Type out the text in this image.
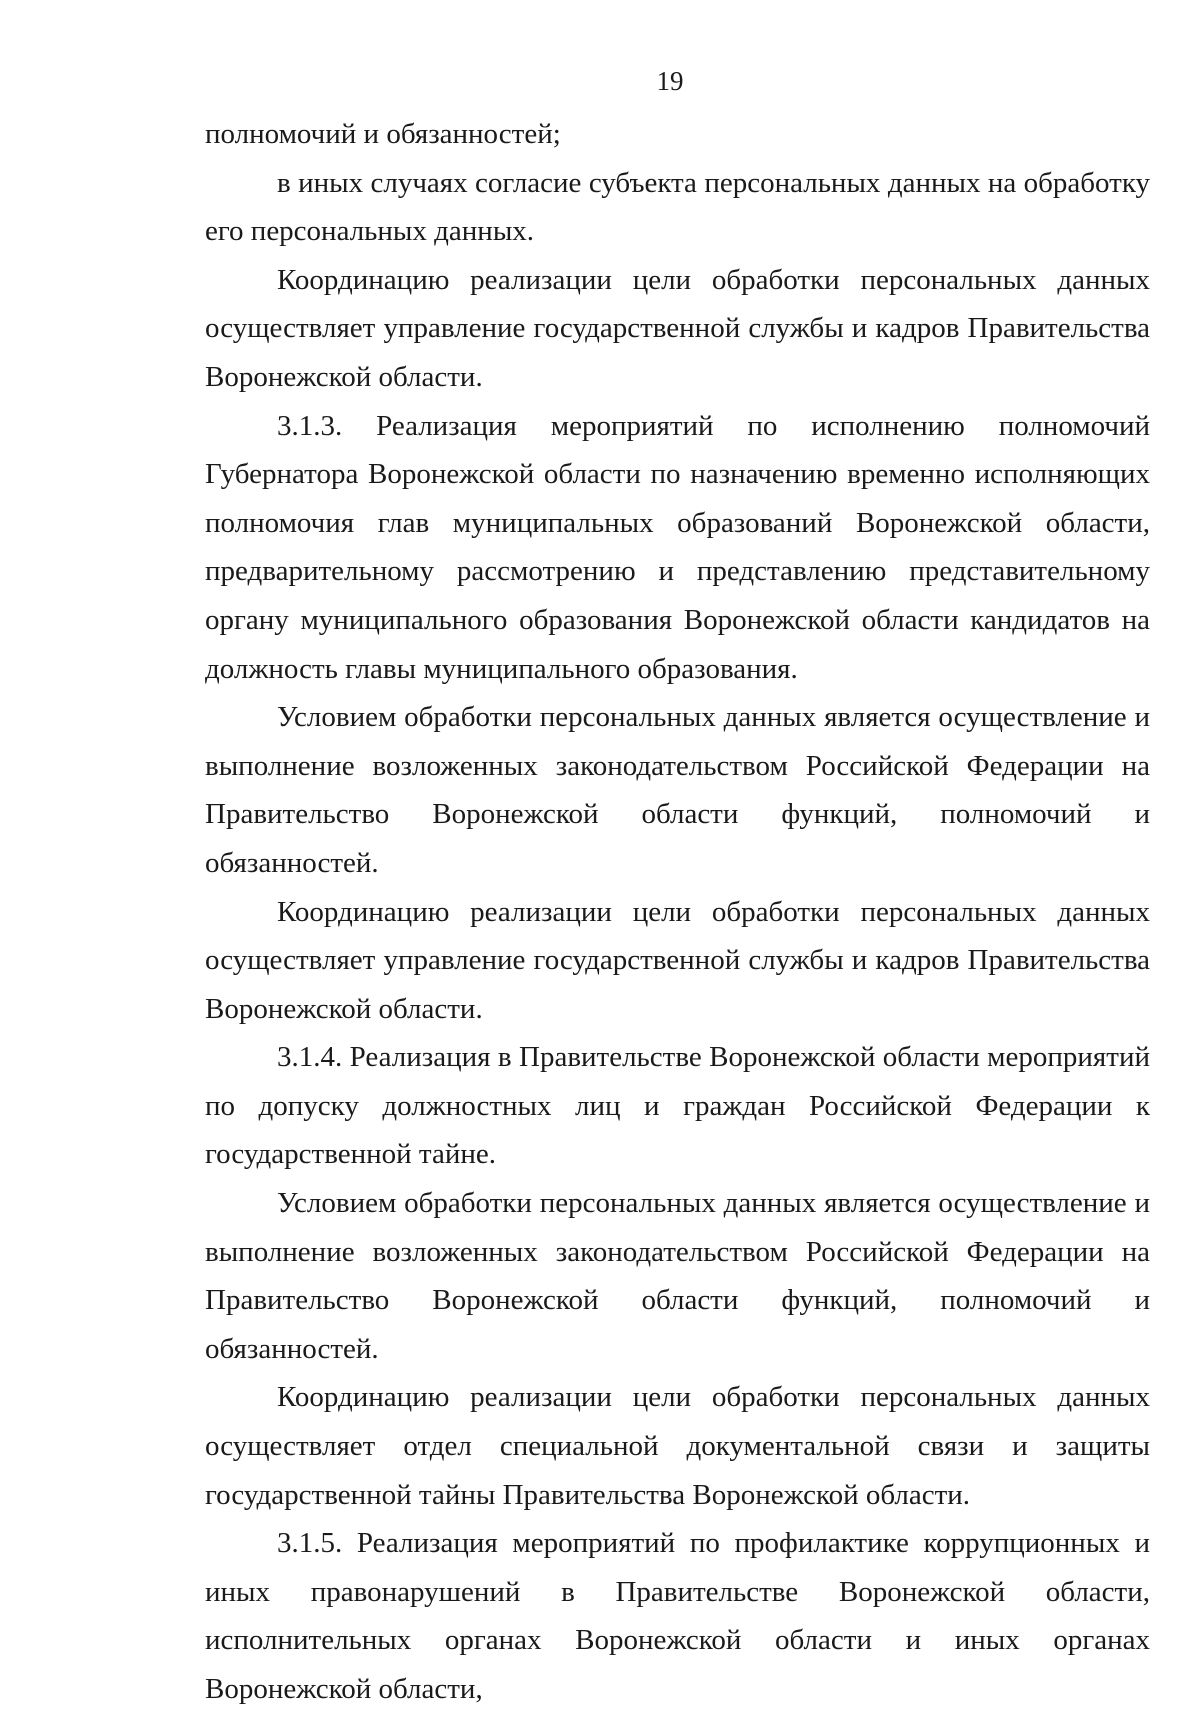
19

полномочий и обязанностей;

в иных случаях согласие субъекта персональных данных на обработку его персональных данных.

Координацию реализации цели обработки персональных данных осуществляет управление государственной службы и кадров Правительства Воронежской области.

3.1.3. Реализация мероприятий по исполнению полномочий Губернатора Воронежской области по назначению временно исполняющих полномочия глав муниципальных образований Воронежской области, предварительному рассмотрению и представлению представительному органу муниципального образования Воронежской области кандидатов на должность главы муниципального образования.

Условием обработки персональных данных является осуществление и выполнение возложенных законодательством Российской Федерации на Правительство Воронежской области функций, полномочий и обязанностей.

Координацию реализации цели обработки персональных данных осуществляет управление государственной службы и кадров Правительства Воронежской области.

3.1.4. Реализация в Правительстве Воронежской области мероприятий по допуску должностных лиц и граждан Российской Федерации к государственной тайне.

Условием обработки персональных данных является осуществление и выполнение возложенных законодательством Российской Федерации на Правительство Воронежской области функций, полномочий и обязанностей.

Координацию реализации цели обработки персональных данных осуществляет отдел специальной документальной связи и защиты государственной тайны Правительства Воронежской области.

3.1.5. Реализация мероприятий по профилактике коррупционных и иных правонарушений в Правительстве Воронежской области, исполнительных органах Воронежской области и иных органах Воронежской области,
